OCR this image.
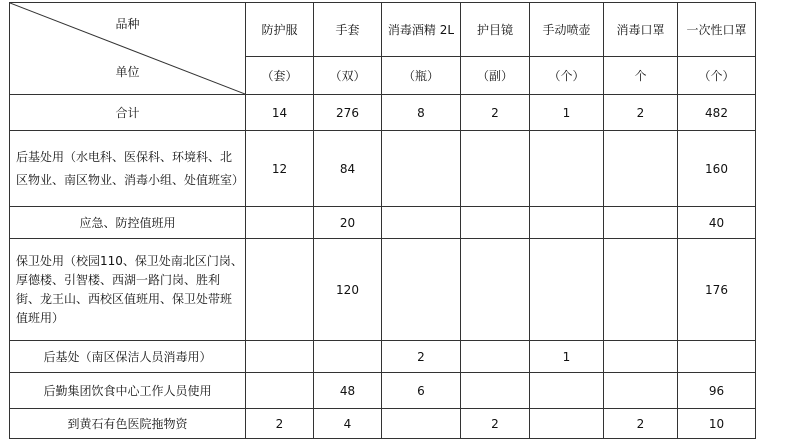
品种
单位	防护服	手套	消毒酒精 2L	护目镜	手动喷壶	消毒口罩	一次性口罩
	（套）	（双）	（瓶）	（副）	（个）	个	（个）
合计	14	276	8	2	1	2	482
后基处用（水电科、医保科、环境科、北区物业、南区物业、消毒小组、处值班室）	12	84					160
应急、防控值班用		20					40
保卫处用（校园110、保卫处南北区门岗、厚德楼、引智楼、西湖一路门岗、胜利街、龙王山、西校区值班用、保卫处带班值班用）		120					176
后基处（南区保洁人员消毒用）			2		1		
后勤集团饮食中心工作人员使用		48	6				96
到黄石有色医院拖物资	2	4		2		2	10
